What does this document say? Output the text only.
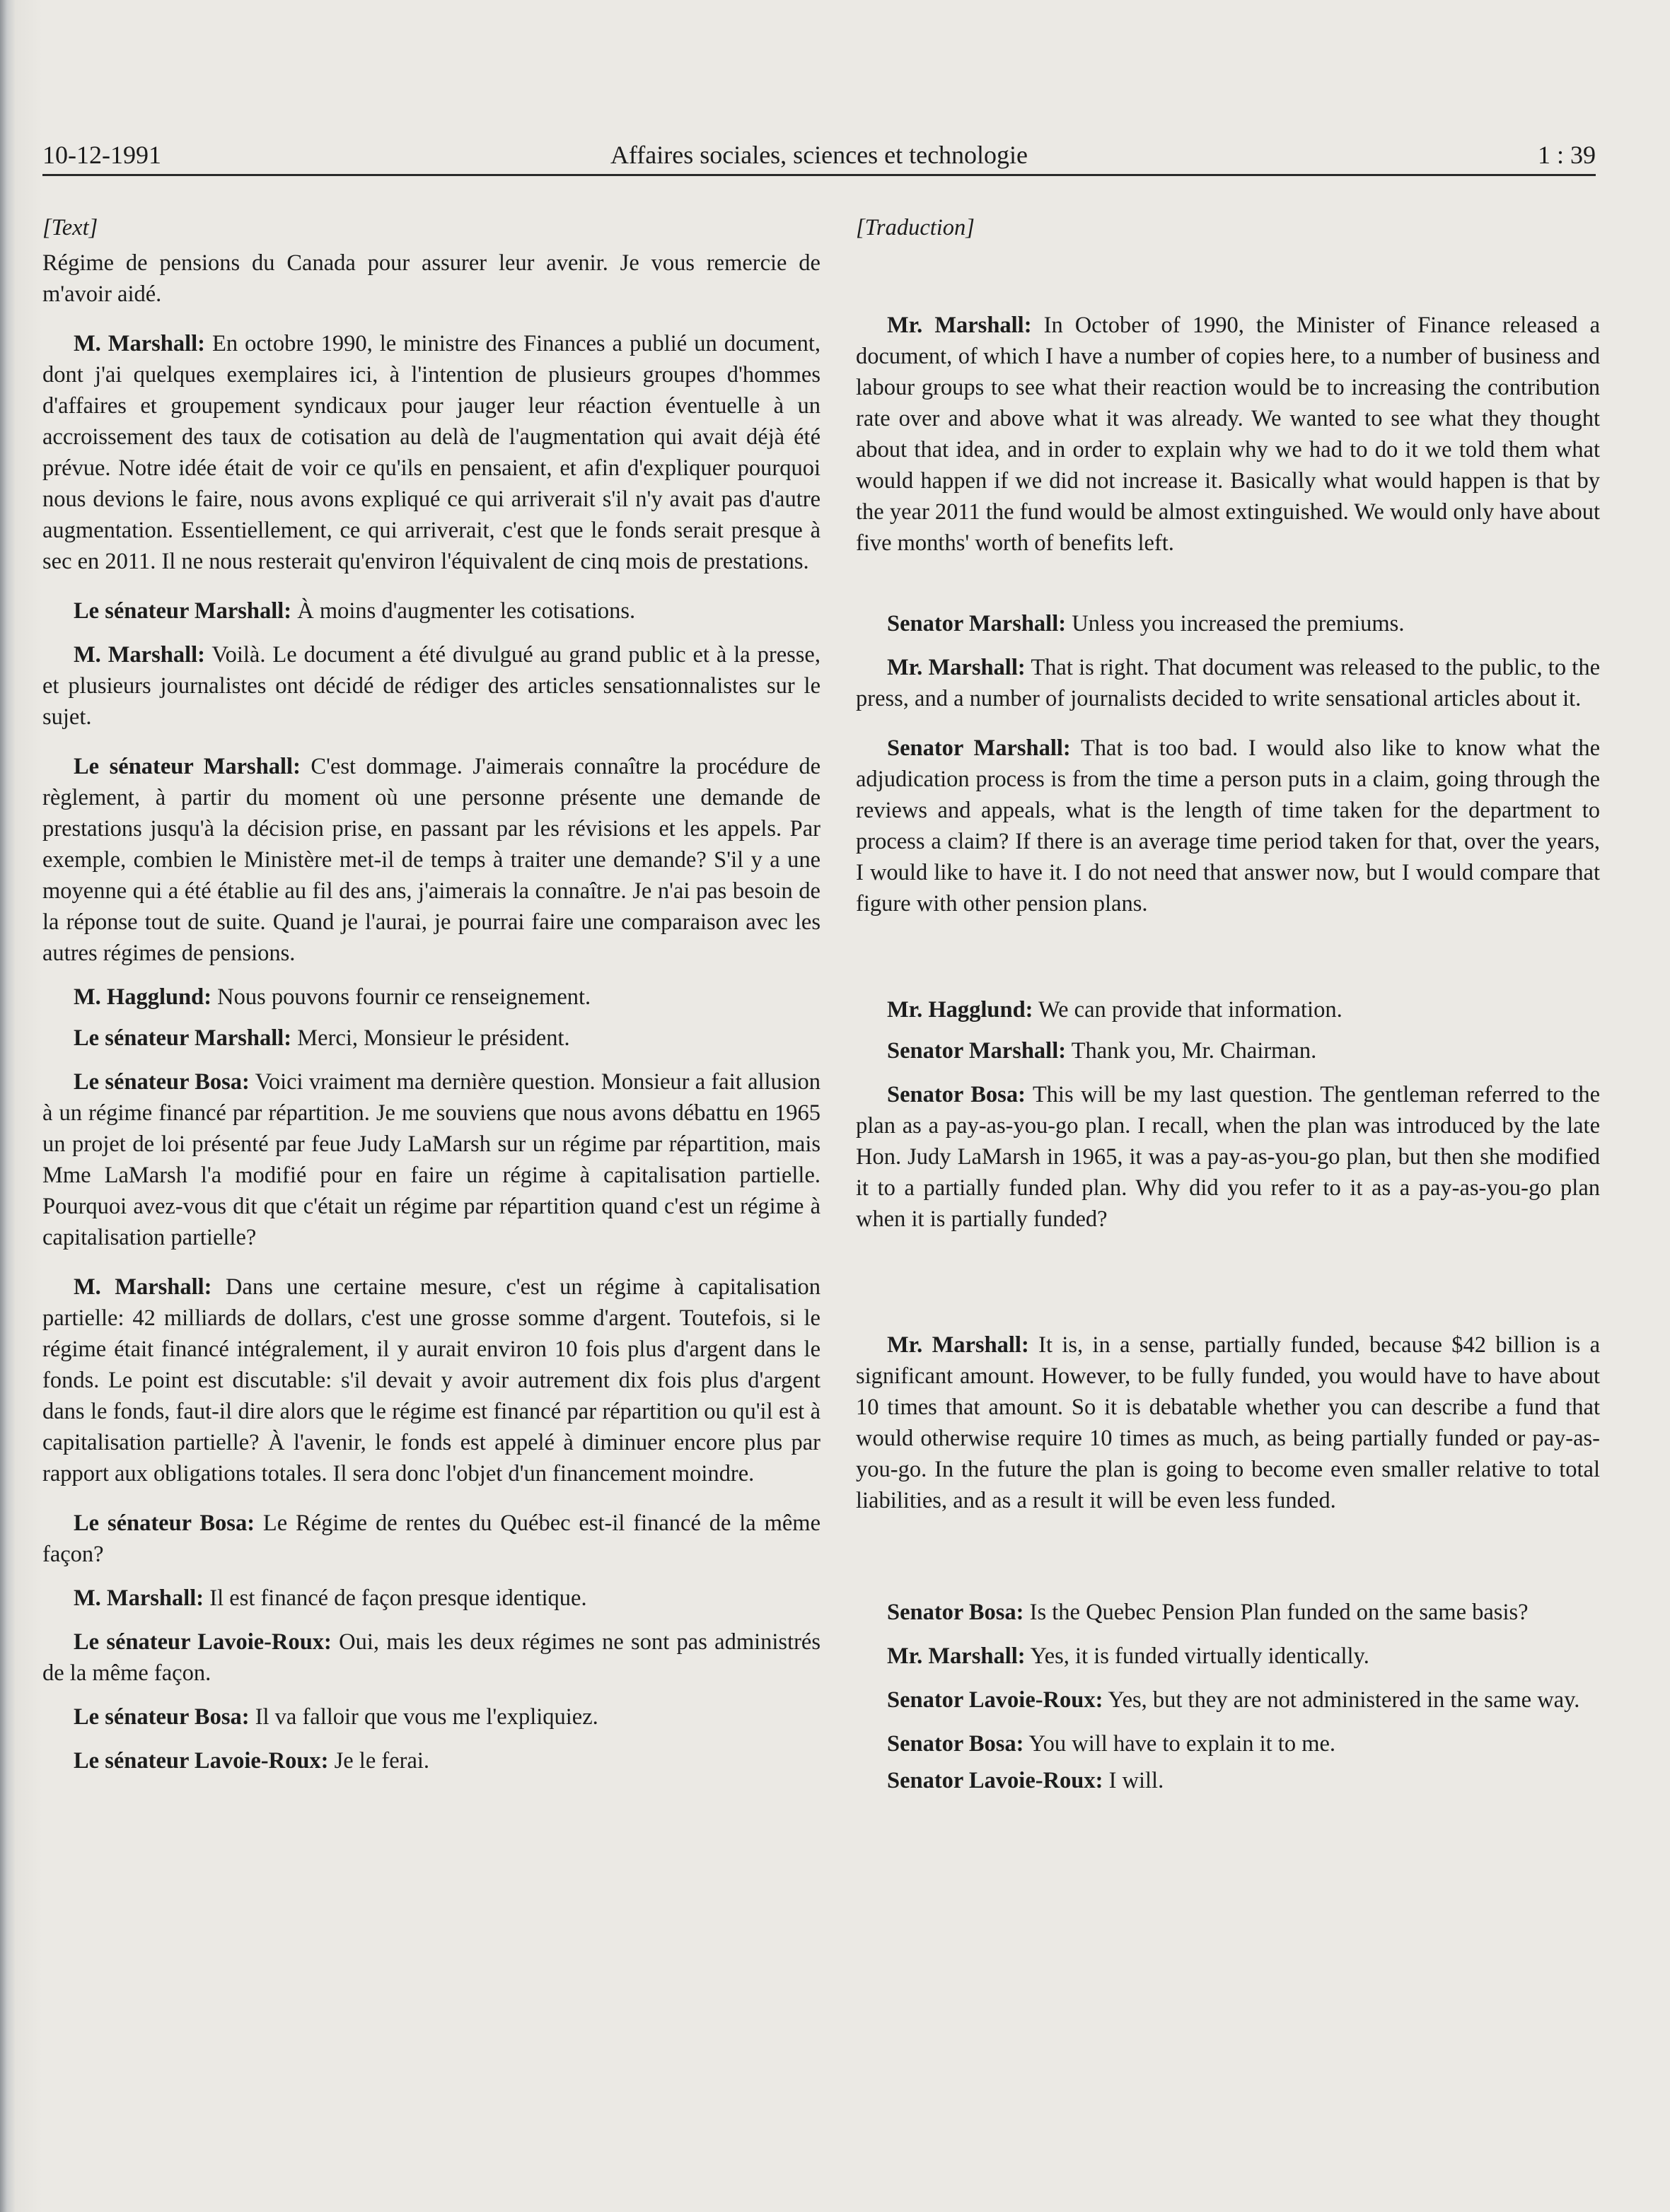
10-12-1991	Affaires sociales, sciences et technologie	1 : 39

[Text]

Régime de pensions du Canada pour assurer leur avenir. Je vous remercie de m'avoir aidé.

M. Marshall: En octobre 1990, le ministre des Finances a publié un document, dont j'ai quelques exemplaires ici, à l'intention de plusieurs groupes d'hommes d'affaires et groupement syndicaux pour jauger leur réaction éventuelle à un accroissement des taux de cotisation au delà de l'augmentation qui avait déjà été prévue. Notre idée était de voir ce qu'ils en pensaient, et afin d'expliquer pourquoi nous devions le faire, nous avons expliqué ce qui arriverait s'il n'y avait pas d'autre augmentation. Essentiellement, ce qui arriverait, c'est que le fonds serait presque à sec en 2011. Il ne nous resterait qu'environ l'équivalent de cinq mois de prestations.

Le sénateur Marshall: À moins d'augmenter les cotisations.

M. Marshall: Voilà. Le document a été divulgué au grand public et à la presse, et plusieurs journalistes ont décidé de rédiger des articles sensationnalistes sur le sujet.

Le sénateur Marshall: C'est dommage. J'aimerais connaître la procédure de règlement, à partir du moment où une personne présente une demande de prestations jusqu'à la décision prise, en passant par les révisions et les appels. Par exemple, combien le Ministère met-il de temps à traiter une demande? S'il y a une moyenne qui a été établie au fil des ans, j'aimerais la connaître. Je n'ai pas besoin de la réponse tout de suite. Quand je l'aurai, je pourrai faire une comparaison avec les autres régimes de pensions.

M. Hagglund: Nous pouvons fournir ce renseignement.

Le sénateur Marshall: Merci, Monsieur le président.

Le sénateur Bosa: Voici vraiment ma dernière question. Monsieur a fait allusion à un régime financé par répartition. Je me souviens que nous avons débattu en 1965 un projet de loi présenté par feue Judy LaMarsh sur un régime par répartition, mais Mme LaMarsh l'a modifié pour en faire un régime à capitalisation partielle. Pourquoi avez-vous dit que c'était un régime par répartition quand c'est un régime à capitalisation partielle?

M. Marshall: Dans une certaine mesure, c'est un régime à capitalisation partielle: 42 milliards de dollars, c'est une grosse somme d'argent. Toutefois, si le régime était financé intégralement, il y aurait environ 10 fois plus d'argent dans le fonds. Le point est discutable: s'il devait y avoir autrement dix fois plus d'argent dans le fonds, faut-il dire alors que le régime est financé par répartition ou qu'il est à capitalisation partielle? À l'avenir, le fonds est appelé à diminuer encore plus par rapport aux obligations totales. Il sera donc l'objet d'un financement moindre.

Le sénateur Bosa: Le Régime de rentes du Québec est-il financé de la même façon?

M. Marshall: Il est financé de façon presque identique.

Le sénateur Lavoie-Roux: Oui, mais les deux régimes ne sont pas administrés de la même façon.

Le sénateur Bosa: Il va falloir que vous me l'expliquiez.

Le sénateur Lavoie-Roux: Je le ferai.

[Traduction]

Mr. Marshall: In October of 1990, the Minister of Finance released a document, of which I have a number of copies here, to a number of business and labour groups to see what their reaction would be to increasing the contribution rate over and above what it was already. We wanted to see what they thought about that idea, and in order to explain why we had to do it we told them what would happen if we did not increase it. Basically what would happen is that by the year 2011 the fund would be almost extinguished. We would only have about five months' worth of benefits left.

Senator Marshall: Unless you increased the premiums.

Mr. Marshall: That is right. That document was released to the public, to the press, and a number of journalists decided to write sensational articles about it.

Senator Marshall: That is too bad. I would also like to know what the adjudication process is from the time a person puts in a claim, going through the reviews and appeals, what is the length of time taken for the department to process a claim? If there is an average time period taken for that, over the years, I would like to have it. I do not need that answer now, but I would compare that figure with other pension plans.

Mr. Hagglund: We can provide that information.

Senator Marshall: Thank you, Mr. Chairman.

Senator Bosa: This will be my last question. The gentleman referred to the plan as a pay-as-you-go plan. I recall, when the plan was introduced by the late Hon. Judy LaMarsh in 1965, it was a pay-as-you-go plan, but then she modified it to a partially funded plan. Why did you refer to it as a pay-as-you-go plan when it is partially funded?

Mr. Marshall: It is, in a sense, partially funded, because $42 billion is a significant amount. However, to be fully funded, you would have to have about 10 times that amount. So it is debatable whether you can describe a fund that would otherwise require 10 times as much, as being partially funded or pay-as-you-go. In the future the plan is going to become even smaller relative to total liabilities, and as a result it will be even less funded.

Senator Bosa: Is the Quebec Pension Plan funded on the same basis?

Mr. Marshall: Yes, it is funded virtually identically.

Senator Lavoie-Roux: Yes, but they are not administered in the same way.

Senator Bosa: You will have to explain it to me.

Senator Lavoie-Roux: I will.
